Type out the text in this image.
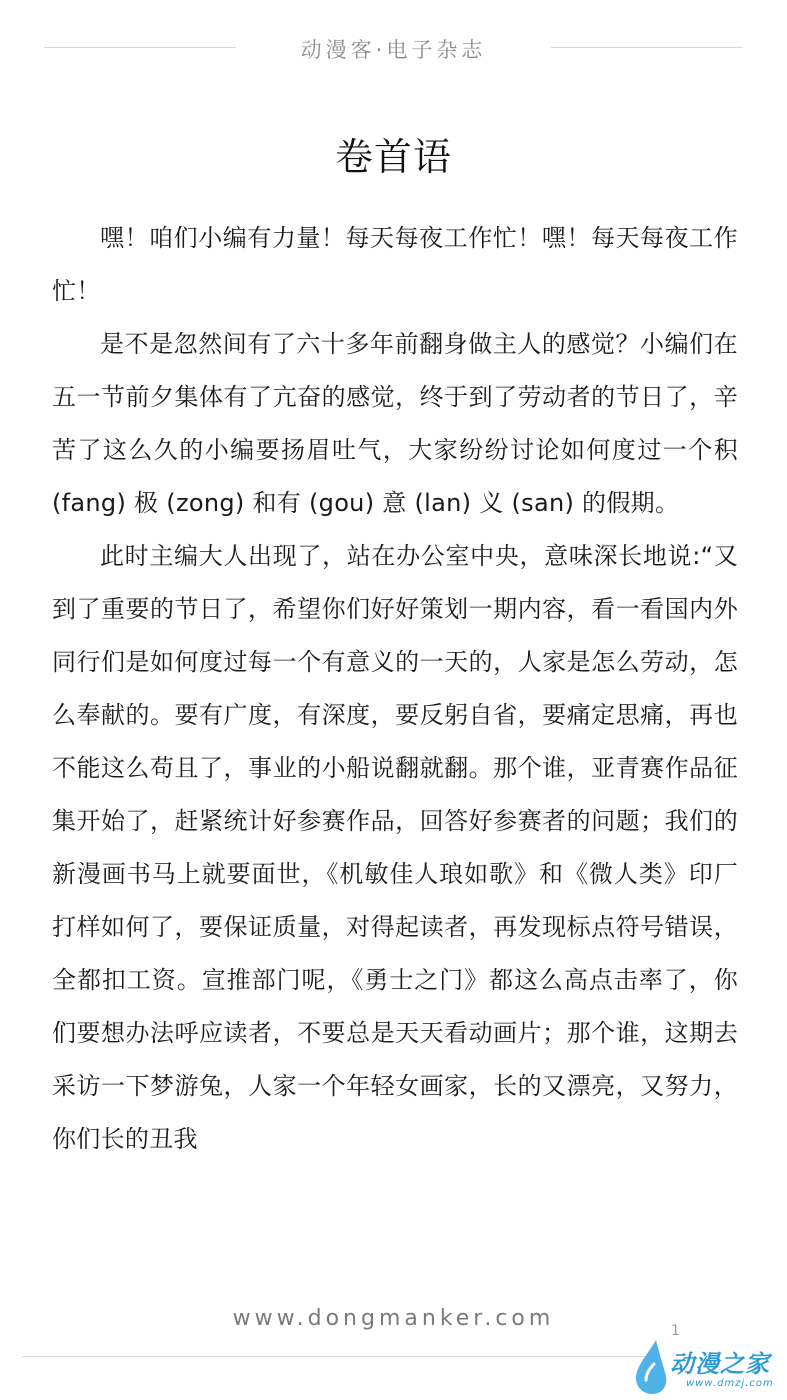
动漫客·电子杂志
卷首语

嘿！咱们小编有力量！每天每夜工作忙！嘿！每天每夜工作忙！

是不是忽然间有了六十多年前翻身做主人的感觉？小编们在五一节前夕集体有了亢奋的感觉，终于到了劳动者的节日了，辛苦了这么久的小编要扬眉吐气，大家纷纷讨论如何度过一个积 (fang) 极 (zong) 和有 (gou) 意 (lan) 义 (san) 的假期。

此时主编大人出现了，站在办公室中央，意味深长地说:“又到了重要的节日了，希望你们好好策划一期内容，看一看国内外同行们是如何度过每一个有意义的一天的，人家是怎么劳动，怎么奉献的。要有广度，有深度，要反躬自省，要痛定思痛，再也不能这么苟且了，事业的小船说翻就翻。那个谁，亚青赛作品征集开始了，赶紧统计好参赛作品，回答好参赛者的问题；我们的新漫画书马上就要面世，《机敏佳人琅如歌》和《微人类》印厂打样如何了，要保证质量，对得起读者，再发现标点符号错误，全都扣工资。宣推部门呢，《勇士之门》都这么高点击率了，你们要想办法呼应读者，不要总是天天看动画片；那个谁，这期去采访一下梦游兔，人家一个年轻女画家，长的又漂亮，又努力，你们长的丑我

www.dongmanker.com	1
动漫之家
www.dmzj.com
